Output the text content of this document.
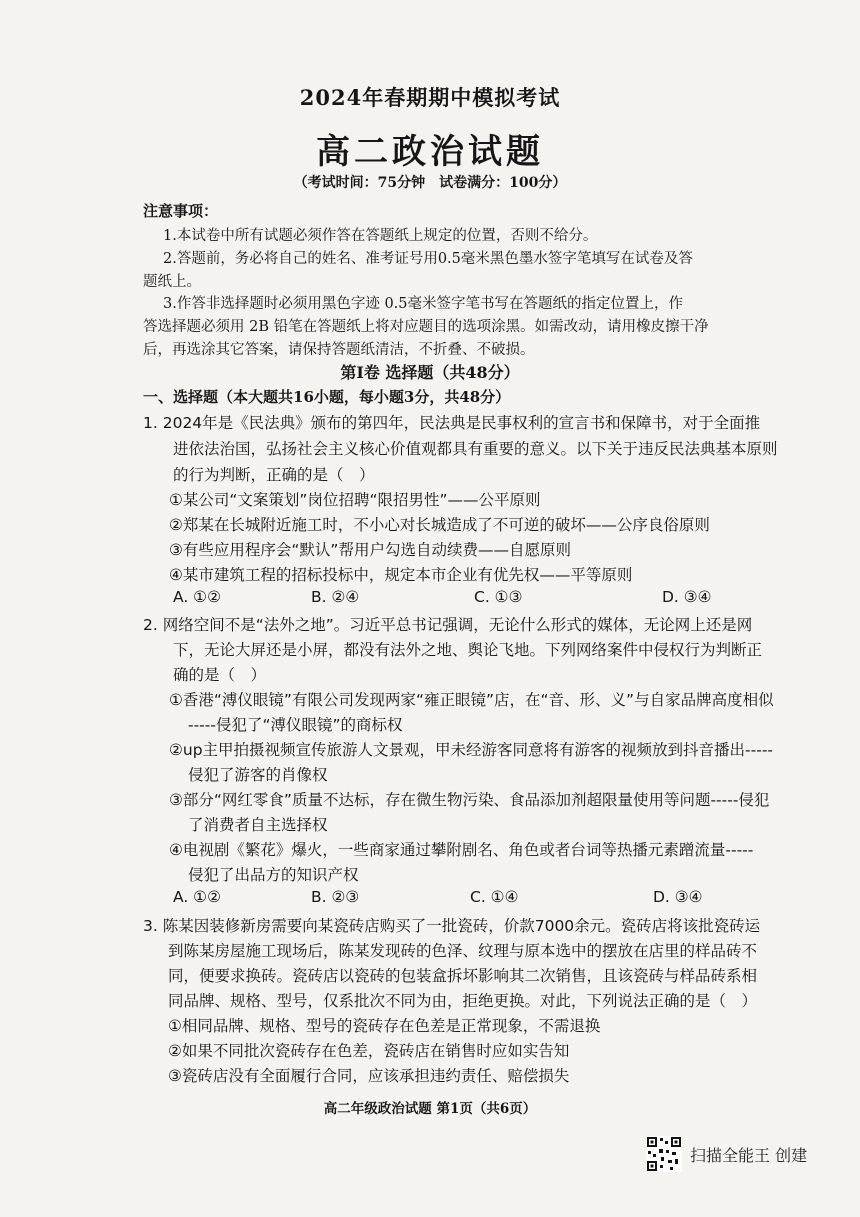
2024年春期期中模拟考试
高二政治试题
（考试时间：75分钟　试卷满分：100分）
注意事项：
1.本试卷中所有试题必须作答在答题纸上规定的位置，否则不给分。
2.答题前，务必将自己的姓名、准考证号用0.5毫米黑色墨水签字笔填写在试卷及答
题纸上。
3.作答非选择题时必须用黑色字迹 0.5毫米签字笔书写在答题纸的指定位置上，作
答选择题必须用 2B 铅笔在答题纸上将对应题目的选项涂黑。如需改动，请用橡皮擦干净
后，再选涂其它答案，请保持答题纸清洁，不折叠、不破损。
第Ⅰ卷 选择题（共48分）
一、选择题（本大题共16小题，每小题3分，共48分）
1. 2024年是《民法典》颁布的第四年，民法典是民事权利的宣言书和保障书，对于全面推
进依法治国，弘扬社会主义核心价值观都具有重要的意义。以下关于违反民法典基本原则
的行为判断，正确的是（　）
①某公司“文案策划”岗位招聘“限招男性”——公平原则
②郑某在长城附近施工时，不小心对长城造成了不可逆的破坏——公序良俗原则
③有些应用程序会“默认”帮用户勾选自动续费——自愿原则
④某市建筑工程的招标投标中，规定本市企业有优先权——平等原则
A. ①②	B. ②④	C. ①③	D. ③④
2. 网络空间不是“法外之地”。习近平总书记强调，无论什么形式的媒体，无论网上还是网
下，无论大屏还是小屏，都没有法外之地、舆论飞地。下列网络案件中侵权行为判断正
确的是（　）
①香港“溥仪眼镜”有限公司发现两家“雍正眼镜”店，在“音、形、义”与自家品牌高度相似
-----侵犯了“溥仪眼镜”的商标权
②up主甲拍摄视频宣传旅游人文景观，甲未经游客同意将有游客的视频放到抖音播出-----
侵犯了游客的肖像权
③部分“网红零食”质量不达标，存在微生物污染、食品添加剂超限量使用等问题-----侵犯
了消费者自主选择权
④电视剧《繁花》爆火，一些商家通过攀附剧名、角色或者台词等热播元素蹭流量-----
侵犯了出品方的知识产权
A. ①②	B. ②③	C. ①④	D. ③④
3. 陈某因装修新房需要向某瓷砖店购买了一批瓷砖，价款7000余元。瓷砖店将该批瓷砖运
到陈某房屋施工现场后，陈某发现砖的色泽、纹理与原本选中的摆放在店里的样品砖不
同，便要求换砖。瓷砖店以瓷砖的包装盒拆坏影响其二次销售，且该瓷砖与样品砖系相
同品牌、规格、型号，仅系批次不同为由，拒绝更换。对此，下列说法正确的是（　）
①相同品牌、规格、型号的瓷砖存在色差是正常现象，不需退换
②如果不同批次瓷砖存在色差，瓷砖店在销售时应如实告知
③瓷砖店没有全面履行合同，应该承担违约责任、赔偿损失
高二年级政治试题 第1页（共6页）
扫描全能王 创建
